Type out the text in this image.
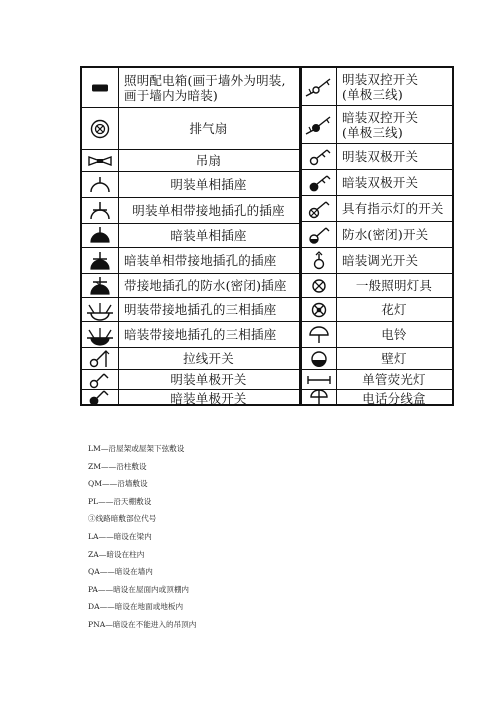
照明配电箱(画于墙外为明装,
画于墙内为暗装)
排气扇
吊扇
明装单相插座
明装单相带接地插孔的插座
暗装单相插座
暗装单相带接地插孔的插座
带接地插孔的防水(密闭)插座
明装带接地插孔的三相插座
暗装带接地插孔的三相插座
拉线开关
明装单极开关
暗装单极开关
明装双控开关
(单极三线)
暗装双控开关
(单极三线)
明装双极开关
暗装双极开关
具有指示灯的开关
防水(密闭)开关
暗装调光开关
一般照明灯具
花灯
电铃
壁灯
单管荧光灯
电话分线盒
LM—沿屋架或屋架下弦敷设
ZM——沿柱敷设
QM——沿墙敷设
PL——沿天棚敷设
③线路暗敷部位代号
LA——暗设在梁内
ZA—暗设在柱内
QA——暗设在墙内
PA——暗设在屋面内或顶棚内
DA——暗设在地面或地板内
PNA—暗设在不能进入的吊顶内
